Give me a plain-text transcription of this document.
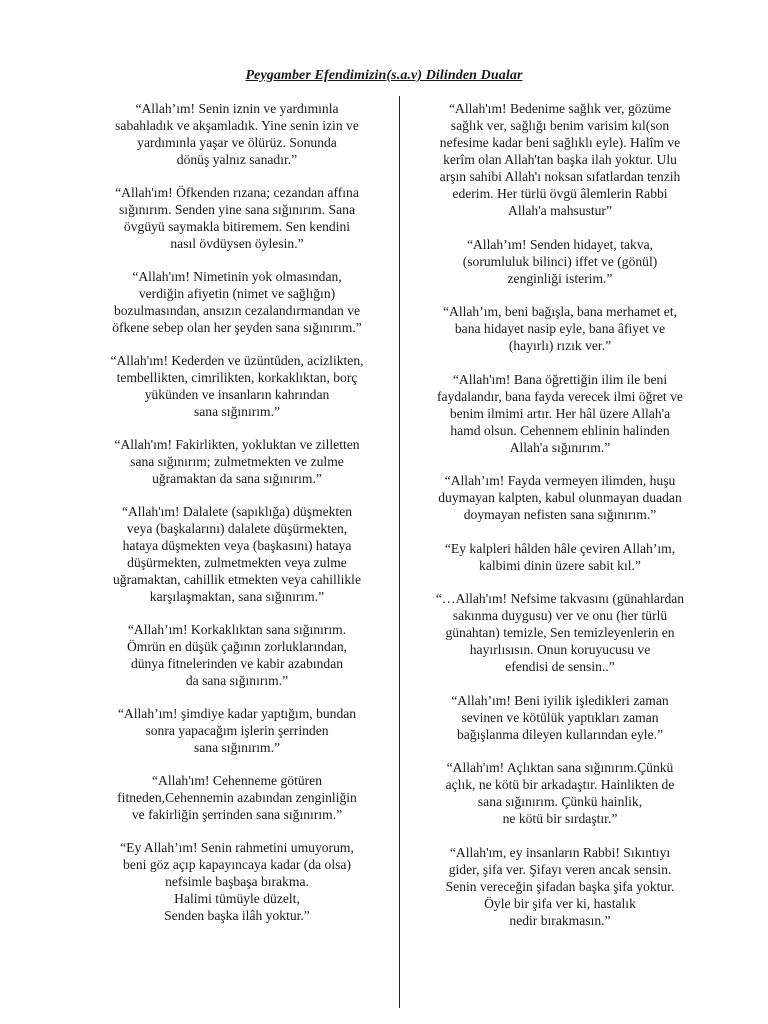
Peygamber Efendimizin(s.a.v) Dilinden Dualar

“Allah’ım! Senin iznin ve yardımınla
sabahladık ve akşamladık. Yine senin izin ve
yardımınla yaşar ve ölürüz. Sonunda
dönüş yalnız sanadır.”

“Allah'ım! Öfkenden rızana; cezandan affına
sığınırım. Senden yine sana sığınırım. Sana
övgüyü saymakla bitiremem. Sen kendini
nasıl övdüysen öylesin.”

“Allah'ım! Nimetinin yok olmasından,
verdiğin afiyetin (nimet ve sağlığın)
bozulmasından, ansızın cezalandırmandan ve
öfkene sebep olan her şeyden sana sığınırım.”

“Allah'ım! Kederden ve üzüntüden, acizlikten,
tembellikten, cimrilikten, korkaklıktan, borç
yükünden ve insanların kahrından
sana sığınırım.”

“Allah'ım! Fakirlikten, yokluktan ve zilletten
sana sığınırım; zulmetmekten ve zulme
uğramaktan da sana sığınırım.”

“Allah'ım! Dalalete (sapıklığa) düşmekten
veya (başkalarını) dalalete düşürmekten,
hataya düşmekten veya (başkasını) hataya
düşürmekten, zulmetmekten veya zulme
uğramaktan, cahillik etmekten veya cahillikle
karşılaşmaktan, sana sığınırım.”

“Allah’ım! Korkaklıktan sana sığınırım.
Ömrün en düşük çağının zorluklarından,
dünya fitnelerinden ve kabir azabından
da sana sığınırım.”

“Allah’ım! şimdiye kadar yaptığım, bundan
sonra yapacağım işlerin şerrinden
sana sığınırım.”

“Allah'ım! Cehenneme götüren
fitneden,Cehennemin azabından zenginliğin
ve fakirliğin şerrinden sana sığınırım.”

“Ey Allah’ım! Senin rahmetini umuyorum,
beni göz açıp kapayıncaya kadar (da olsa)
nefsimle başbaşa bırakma.
Halimi tümüyle düzelt,
Senden başka ilâh yoktur.”

“Allah'ım! Bedenime sağlık ver, gözüme
sağlık ver, sağlığı benim varisim kıl(son
nefesime kadar beni sağlıklı eyle). Halîm ve
kerîm olan Allah'tan başka ilah yoktur. Ulu
arşın sahibi Allah'ı noksan sıfatlardan tenzih
ederim. Her türlü övgü âlemlerin Rabbi
Allah'a mahsustur”

“Allah’ım! Senden hidayet, takva,
(sorumluluk bilinci) iffet ve (gönül)
zenginliği isterim.”

“Allah’ım, beni bağışla, bana merhamet et,
bana hidayet nasip eyle, bana âfiyet ve
(hayırlı) rızık ver.”

“Allah'ım! Bana öğrettiğin ilim ile beni
faydalandır, bana fayda verecek ilmi öğret ve
benim ilmimi artır. Her hâl üzere Allah'a
hamd olsun. Cehennem ehlinin halinden
Allah'a sığınırım.”

“Allah’ım! Fayda vermeyen ilimden, huşu
duymayan kalpten, kabul olunmayan duadan
doymayan nefisten sana sığınırım.”

“Ey kalpleri hâlden hâle çeviren Allah’ım,
kalbimi dinin üzere sabit kıl.”

“…Allah'ım! Nefsime takvasını (günahlardan
sakınma duygusu) ver ve onu (her türlü
günahtan) temizle, Sen temizleyenlerin en
hayırlısısın. Onun koruyucusu ve
efendisi de sensin..”

“Allah’ım! Beni iyilik işledikleri zaman
sevinen ve kötülük yaptıkları zaman
bağışlanma dileyen kullarından eyle.”

“Allah'ım! Açlıktan sana sığınırım.Çünkü
açlık, ne kötü bir arkadaştır. Hainlikten de
sana sığınırım. Çünkü hainlik,
ne kötü bir sırdaştır.”

“Allah'ım, ey insanların Rabbi! Sıkıntıyı
gider, şifa ver. Şifayı veren ancak sensin.
Senin vereceğin şifadan başka şifa yoktur.
Öyle bir şifa ver ki, hastalık
nedir bırakmasın.”
